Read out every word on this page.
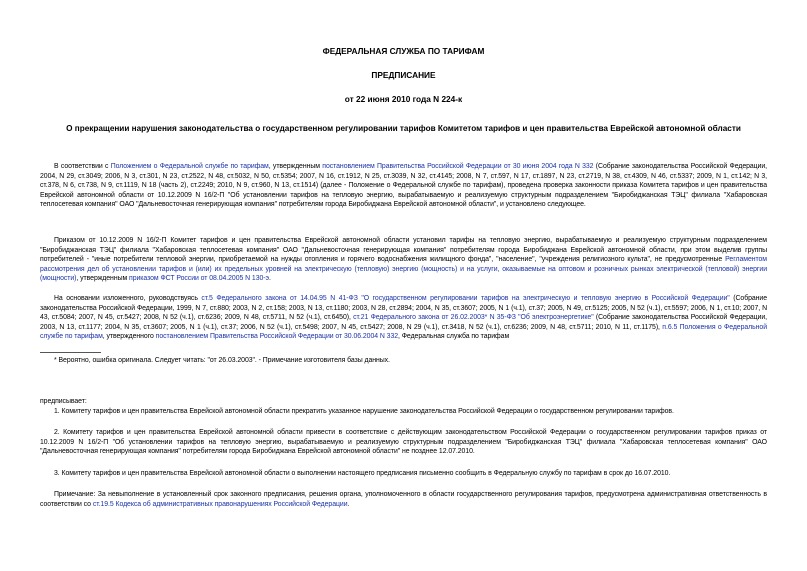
ФЕДЕРАЛЬНАЯ СЛУЖБА ПО ТАРИФАМ

ПРЕДПИСАНИЕ

от 22 июня 2010 года N 224-к

О прекращении нарушения законодательства о государственном регулировании тарифов Комитетом тарифов и цен правительства Еврейской автономной области

В соответствии с Положением о Федеральной службе по тарифам, утвержденным постановлением Правительства Российской Федерации от 30 июня 2004 года N 332 (Собрание законодательства Российской Федерации, 2004, N 29, ст.3049; 2006, N 3, ст.301, N 23, ст.2522, N 48, ст.5032, N 50, ст.5354; 2007, N 16, ст.1912, N 25, ст.3039, N 32, ст.4145; 2008, N 7, ст.597, N 17, ст.1897, N 23, ст.2719, N 38, ст.4309, N 46, ст.5337; 2009, N 1, ст.142; N 3, ст.378, N 6, ст.738, N 9, ст.1119, N 18 (часть 2), ст.2249; 2010, N 9, ст.960, N 13, ст.1514) (далее - Положение о Федеральной службе по тарифам), проведена проверка законности приказа Комитета тарифов и цен правительства Еврейской автономной области от 10.12.2009 N 16/2-П "Об установлении тарифов на тепловую энергию, вырабатываемую и реализуемую структурным подразделением "Биробиджанская ТЭЦ" филиала "Хабаровская теплосетевая компания" ОАО "Дальневосточная генерирующая компания" потребителям города Биробиджана Еврейской автономной области", и установлено следующее.

Приказом от 10.12.2009 N 16/2-П Комитет тарифов и цен правительства Еврейской автономной области установил тарифы на тепловую энергию, вырабатываемую и реализуемую структурным подразделением "Биробиджанская ТЭЦ" филиала "Хабаровская теплосетевая компания" ОАО "Дальневосточная генерирующая компания" потребителям города Биробиджана Еврейской автономной области, при этом выделив группы потребителей - "иные потребители тепловой энергии, приобретаемой на нужды отопления и горячего водоснабжения жилищного фонда", "население", "учреждения религиозного культа", не предусмотренные Регламентом рассмотрения дел об установлении тарифов и (или) их предельных уровней на электрическую (тепловую) энергию (мощность) и на услуги, оказываемые на оптовом и розничных рынках электрической (тепловой) энергии (мощности), утвержденным приказом ФСТ России от 08.04.2005 N 130-э.

На основании изложенного, руководствуясь ст.5 Федерального закона от 14.04.95 N 41-ФЗ "О государственном регулировании тарифов на электрическую и тепловую энергию в Российской Федерации" (Собрание законодательства Российской Федерации, 1999, N 7, ст.880; 2003, N 2, ст.158; 2003, N 13, ст.1180; 2003, N 28, ст.2894; 2004, N 35, ст.3607; 2005, N 1 (ч.1), ст.37; 2005, N 49, ст.5125; 2005, N 52 (ч.1), ст.5597; 2006, N 1, ст.10; 2007, N 43, ст.5084; 2007, N 45, ст.5427; 2008, N 52 (ч.1), ст.6236; 2009, N 48, ст.5711, N 52 (ч.1), ст.6450), ст.21 Федерального закона от 26.02.2003* N 35-ФЗ "Об электроэнергетике" (Собрание законодательства Российской Федерации, 2003, N 13, ст.1177; 2004, N 35, ст.3607; 2005, N 1 (ч.1), ст.37; 2006, N 52 (ч.1), ст.5498; 2007, N 45, ст.5427; 2008, N 29 (ч.1), ст.3418, N 52 (ч.1), ст.6236; 2009, N 48, ст.5711; 2010, N 11, ст.1175), п.6.5 Положения о Федеральной службе по тарифам, утвержденного постановлением Правительства Российской Федерации от 30.06.2004 N 332, Федеральная служба по тарифам

* Вероятно, ошибка оригинала. Следует читать: "от 26.03.2003". - Примечание изготовителя базы данных.

предписывает:

1. Комитету тарифов и цен правительства Еврейской автономной области прекратить указанное нарушение законодательства Российской Федерации о государственном регулировании тарифов.

2. Комитету тарифов и цен правительства Еврейской автономной области привести в соответствие с действующим законодательством Российской Федерации о государственном регулировании тарифов приказ от 10.12.2009 N 16/2-П "Об установлении тарифов на тепловую энергию, вырабатываемую и реализуемую структурным подразделением "Биробиджанская ТЭЦ" филиала "Хабаровская теплосетевая компания" ОАО "Дальневосточная генерирующая компания" потребителям города Биробиджана Еврейской автономной области" не позднее 12.07.2010.

3. Комитету тарифов и цен правительства Еврейской автономной области о выполнении настоящего предписания письменно сообщить в Федеральную службу по тарифам в срок до 16.07.2010.

Примечание: За невыполнение в установленный срок законного предписания, решения органа, уполномоченного в области государственного регулирования тарифов, предусмотрена административная ответственность в соответствии со ст.19.5 Кодекса об административных правонарушениях Российской Федерации.
